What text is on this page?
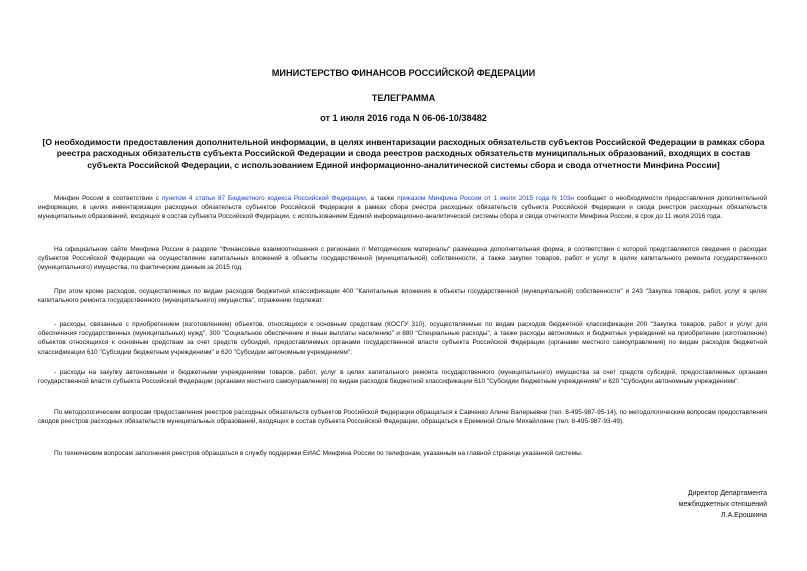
МИНИСТЕРСТВО ФИНАНСОВ РОССИЙСКОЙ ФЕДЕРАЦИИ
ТЕЛЕГРАММА
от 1 июля 2016 года N 06-06-10/38482
[О необходимости предоставления дополнительной информации, в целях инвентаризации расходных обязательств субъектов Российской Федерации в рамках сбора реестра расходных обязательств субъекта Российской Федерации и свода реестров расходных обязательств муниципальных образований, входящих в состав субъекта Российской Федерации, с использованием Единой информационно-аналитической системы сбора и свода отчетности Минфина России]

Минфин России в соответствии с пунктом 4 статьи 87 Бюджетного кодекса Российской Федерации, а также приказом Минфина России от 1 июля 2015 года N 103н сообщает о необходимости предоставления дополнительной информации, в целях инвентаризации расходных обязательств субъектов Российской Федерации в рамках сбора реестра расходных обязательств субъекта Российской Федерации и свода реестров расходных обязательств муниципальных образований, входящих в состав субъекта Российской Федерации, с использованием Единой информационно-аналитической системы сбора и свода отчетности Минфина России, в срок до 11 июля 2016 года.

На официальном сайте Минфина России в разделе "Финансовые взаимоотношения с регионами // Методические материалы" размещена дополнительная форма, в соответствии с которой представляются сведения о расходах субъектов Российской Федерации на осуществление капитальных вложений в объекты государственной (муниципальной) собственности, а также закупки товаров, работ и услуг в целях капитального ремонта государственного (муниципального) имущества, по фактическим данным за 2015 год.

При этом кроме расходов, осуществляемых по видам расходов бюджетной классификации 400 "Капитальные вложения в объекты государственной (муниципальной) собственности" и 243 "Закупка товаров, работ, услуг в целях капитального ремонта государственного (муниципального) имущества", отражению подлежат:

- расходы, связанные с приобретением (изготовлением) объектов, относящихся к основным средствам (КОСГУ 310), осуществляемые по видам расходов бюджетной классификации 200 "Закупка товаров, работ и услуг для обеспечения государственных (муниципальных) нужд", 300 "Социальное обеспечение и иные выплаты населению" и 880 "Специальные расходы", а также расходы автономных и бюджетных учреждений на приобретение (изготовление) объектов относящихся к основным средствам за счет средств субсидий, предоставляемых органами государственной власти субъекта Российской Федерации (органами местного самоуправления) по видам расходов бюджетной классификации 610 "Субсидии бюджетным учреждениям" и 620 "Субсидии автономным учреждениям";

- расходы на закупку автономными и бюджетными учреждениями товаров, работ, услуг в целях капитального ремонта государственного (муниципального) имущества за счет средств субсидий, предоставляемых органами государственной власти субъекта Российской Федерации (органами местного самоуправления) по видам расходов бюджетной классификации 610 "Субсидии бюджетным учреждениям" и 620 "Субсидии автономным учреждениям".

По методологическим вопросам предоставления реестров расходных обязательств субъектов Российской Федерации обращаться к Савченко Алине Валерьевне (тел. 8-495-987-95-14), по методологическим вопросам предоставления сводов реестров расходных обязательств муниципальных образований, входящих в состав субъекта Российской Федерации, обращаться к Ереминой Ольге Михайловне (тел. 8-495-987-93-49).

По техническим вопросам заполнения реестров обращаться в службу поддержки ЕИАС Минфина России по телефонам, указанным на главной странице указанной системы.

Директор Департамента
межбюджетных отношений
Л.А.Ерошкина
